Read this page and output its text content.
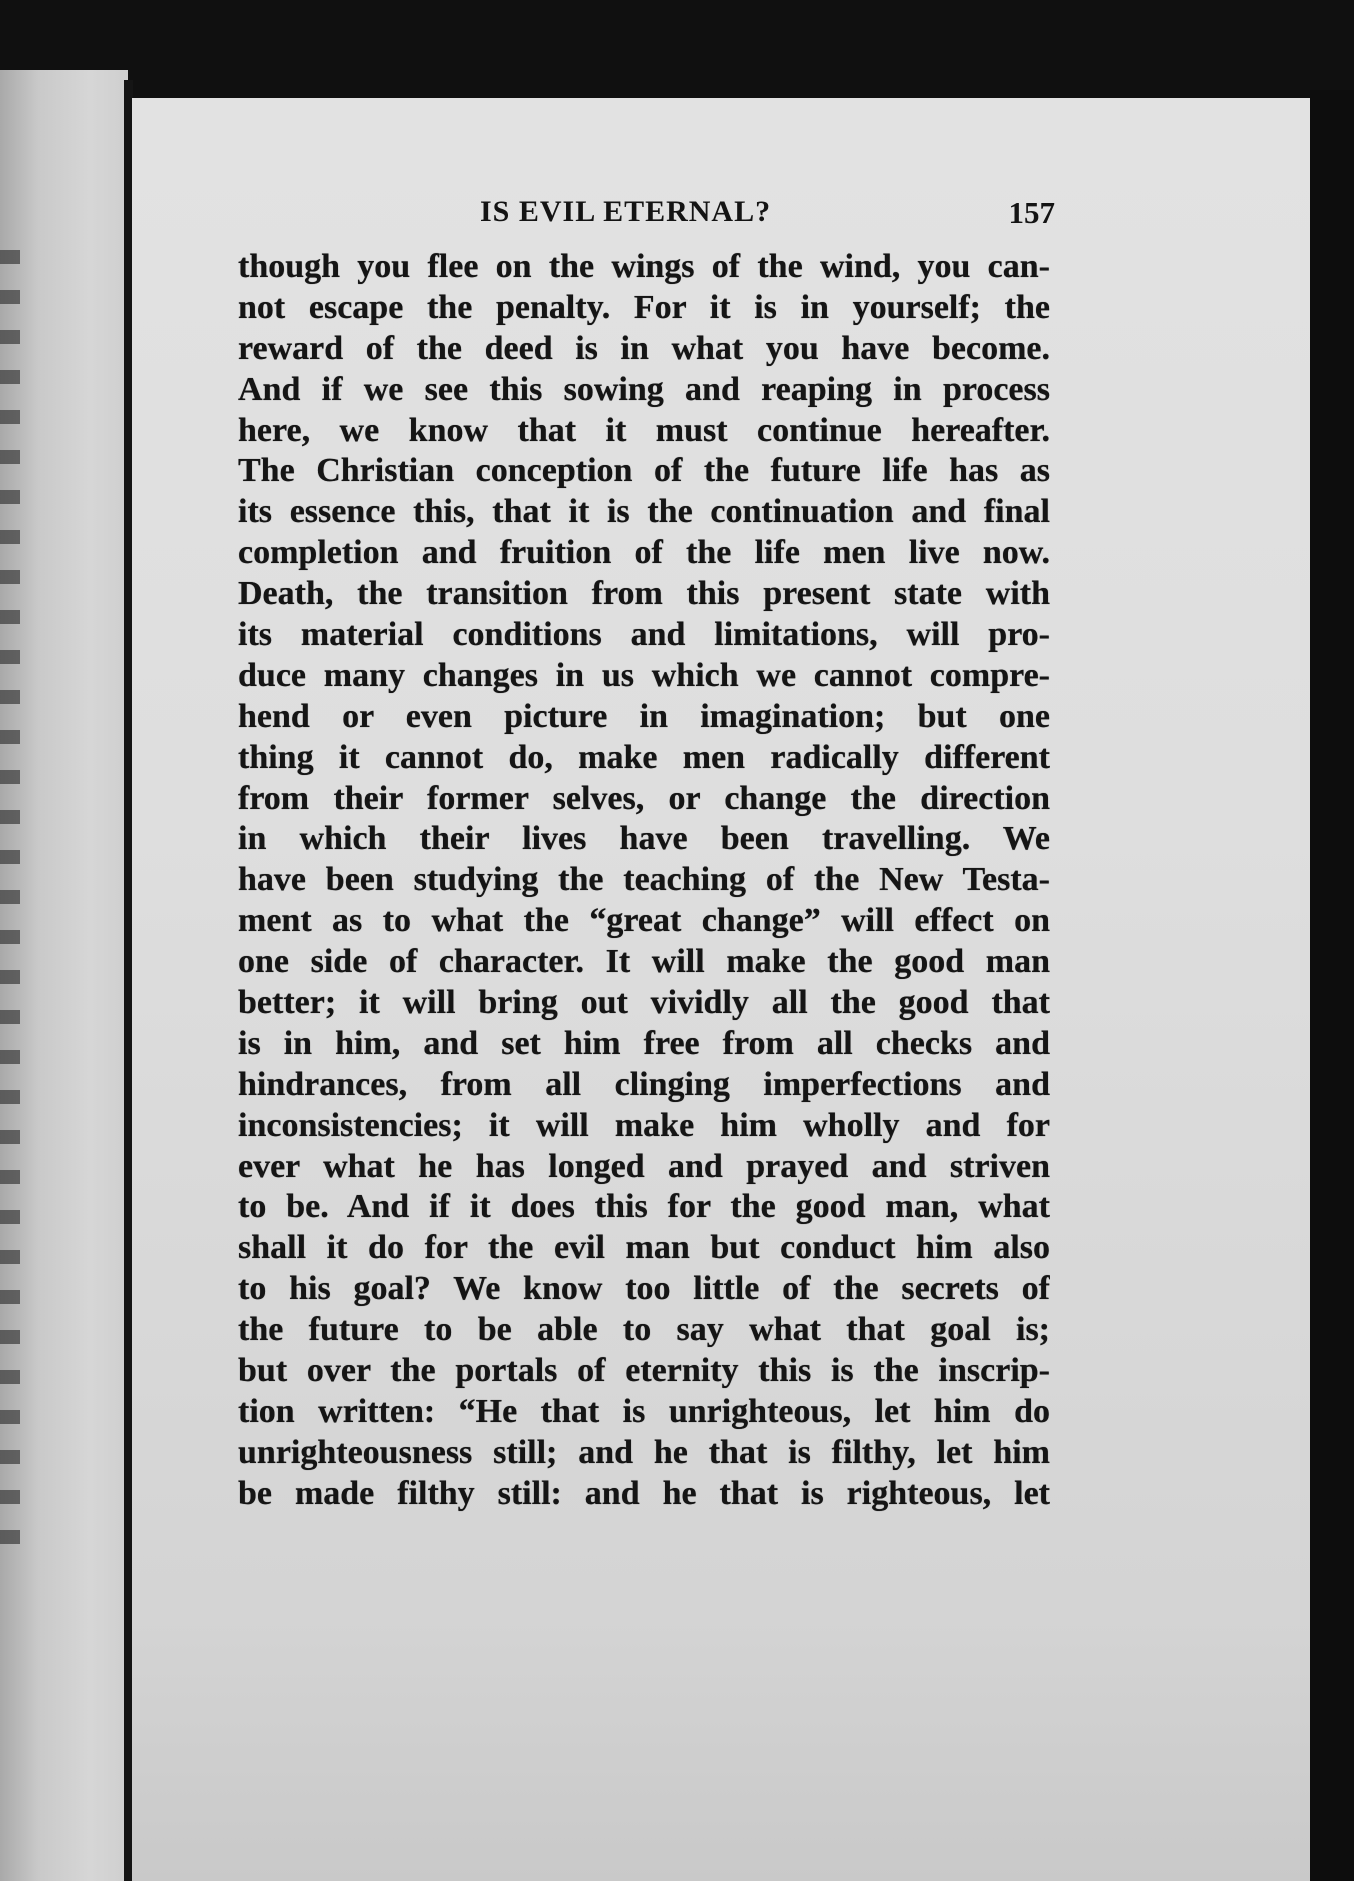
IS EVIL ETERNAL?	157
though you flee on the wings of the wind, you can-
not escape the penalty. For it is in yourself; the
reward of the deed is in what you have become.
And if we see this sowing and reaping in process
here, we know that it must continue hereafter.
The Christian conception of the future life has as
its essence this, that it is the continuation and final
completion and fruition of the life men live now.
Death, the transition from this present state with
its material conditions and limitations, will pro-
duce many changes in us which we cannot compre-
hend or even picture in imagination; but one
thing it cannot do, make men radically different
from their former selves, or change the direction
in which their lives have been travelling. We
have been studying the teaching of the New Testa-
ment as to what the “great change” will effect on
one side of character. It will make the good man
better; it will bring out vividly all the good that
is in him, and set him free from all checks and
hindrances, from all clinging imperfections and
inconsistencies; it will make him wholly and for
ever what he has longed and prayed and striven
to be. And if it does this for the good man, what
shall it do for the evil man but conduct him also
to his goal? We know too little of the secrets of
the future to be able to say what that goal is;
but over the portals of eternity this is the inscrip-
tion written: “He that is unrighteous, let him do
unrighteousness still; and he that is filthy, let him
be made filthy still: and he that is righteous, let
